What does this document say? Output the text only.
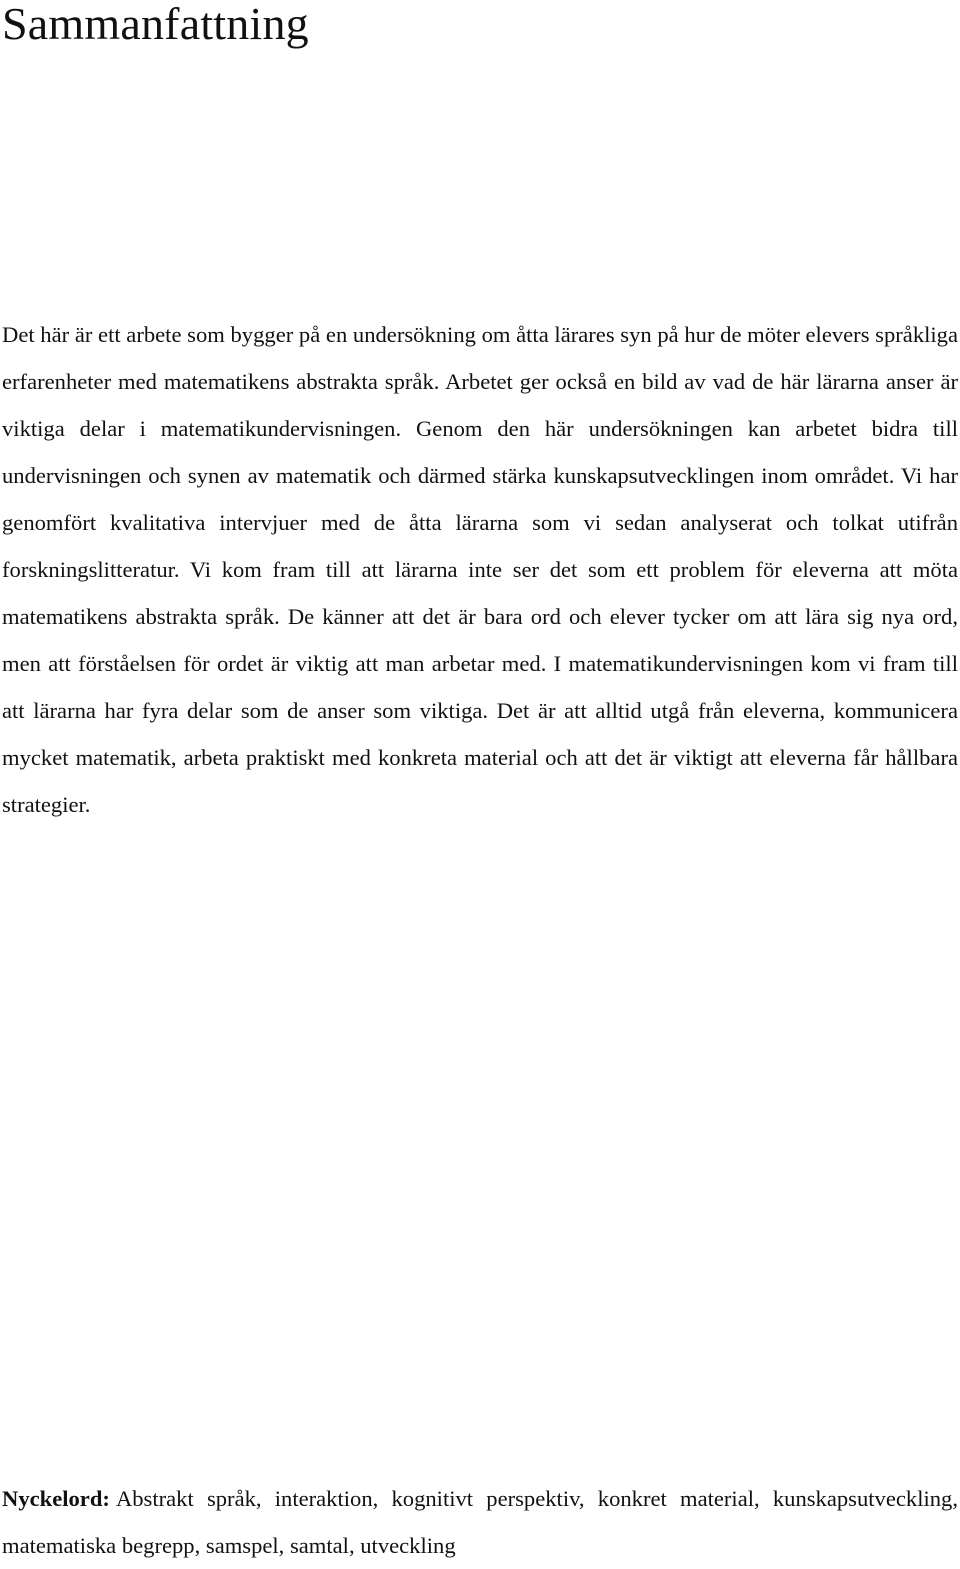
Sammanfattning

Det här är ett arbete som bygger på en undersökning om åtta lärares syn på hur de möter elevers språkliga erfarenheter med matematikens abstrakta språk. Arbetet ger också en bild av vad de här lärarna anser är viktiga delar i matematikundervisningen. Genom den här undersökningen kan arbetet bidra till undervisningen och synen av matematik och därmed stärka kunskapsutvecklingen inom området. Vi har genomfört kvalitativa intervjuer med de åtta lärarna som vi sedan analyserat och tolkat utifrån forskningslitteratur. Vi kom fram till att lärarna inte ser det som ett problem för eleverna att möta matematikens abstrakta språk. De känner att det är bara ord och elever tycker om att lära sig nya ord, men att förståelsen för ordet är viktig att man arbetar med. I matematikundervisningen kom vi fram till att lärarna har fyra delar som de anser som viktiga. Det är att alltid utgå från eleverna, kommunicera mycket matematik, arbeta praktiskt med konkreta material och att det är viktigt att eleverna får hållbara strategier.

Nyckelord: Abstrakt språk, interaktion, kognitivt perspektiv, konkret material, kunskapsutveckling, matematiska begrepp, samspel, samtal, utveckling
